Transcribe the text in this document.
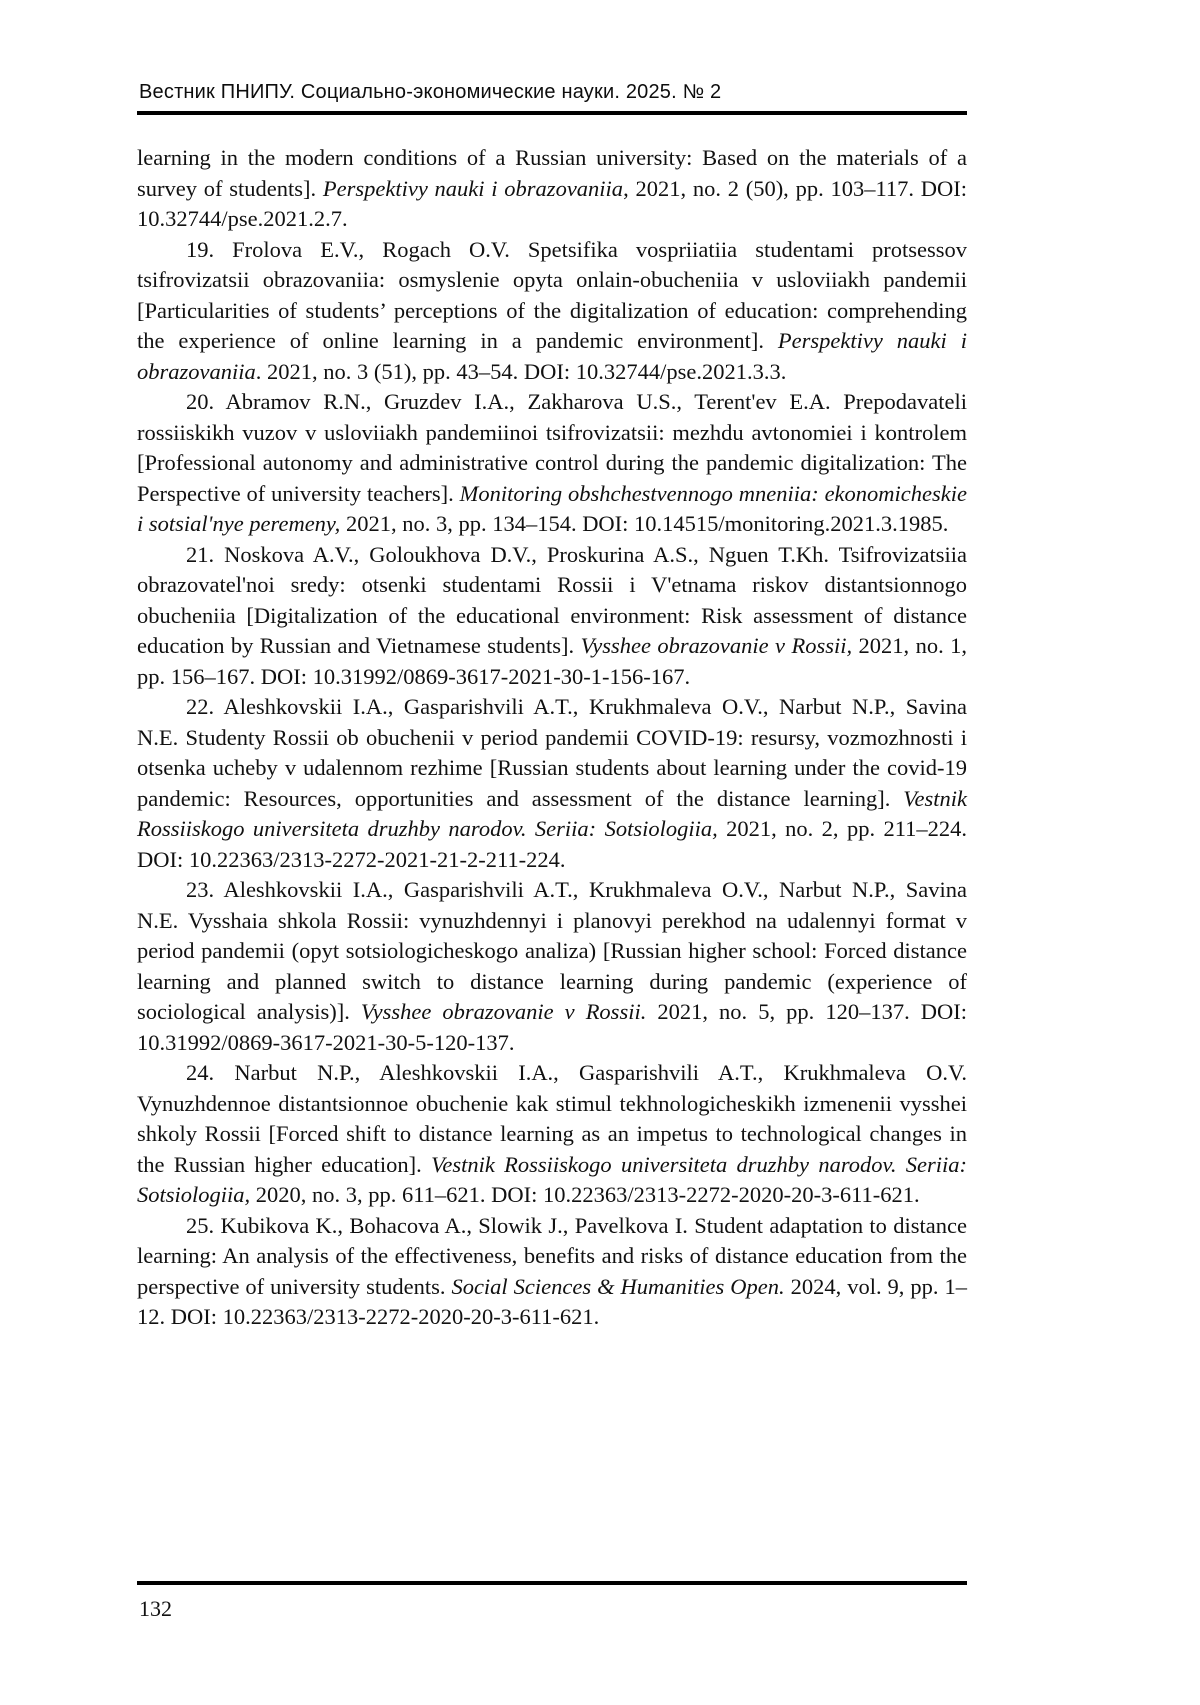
Вестник ПНИПУ. Социально-экономические науки. 2025. № 2

learning in the modern conditions of a Russian university: Based on the materials of a survey of students]. Perspektivy nauki i obrazovaniia, 2021, no. 2 (50), pp. 103–117. DOI: 10.32744/pse.2021.2.7.

19. Frolova E.V., Rogach O.V. Spetsifika vospriiatiia studentami protsessov tsifrovizatsii obrazovaniia: osmyslenie opyta onlain-obucheniia v usloviiakh pandemii [Particularities of students’ perceptions of the digitalization of education: comprehending the experience of online learning in a pandemic environment]. Perspektivy nauki i obrazovaniia. 2021, no. 3 (51), pp. 43–54. DOI: 10.32744/pse.2021.3.3.

20. Abramov R.N., Gruzdev I.A., Zakharova U.S., Terent'ev E.A. Prepodavateli rossiiskikh vuzov v usloviiakh pandemiinoi tsifrovizatsii: mezhdu avtonomiei i kontrolem [Professional autonomy and administrative control during the pandemic digitalization: The Perspective of university teachers]. Monitoring obshchestvennogo mneniia: ekonomicheskie i sotsial'nye peremeny, 2021, no. 3, pp. 134–154. DOI: 10.14515/monitoring.2021.3.1985.

21. Noskova A.V., Goloukhova D.V., Proskurina A.S., Nguen T.Kh. Tsifrovizatsiia obrazovatel'noi sredy: otsenki studentami Rossii i V'etnama riskov distantsionnogo obucheniia [Digitalization of the educational environment: Risk assessment of distance education by Russian and Vietnamese students]. Vysshee obrazovanie v Rossii, 2021, no. 1, pp. 156–167. DOI: 10.31992/0869-3617-2021-30-1-156-167.

22. Aleshkovskii I.A., Gasparishvili A.T., Krukhmaleva O.V., Narbut N.P., Savina N.E. Studenty Rossii ob obuchenii v period pandemii COVID-19: resursy, vozmozhnosti i otsenka ucheby v udalennom rezhime [Russian students about learning under the covid-19 pandemic: Resources, opportunities and assessment of the distance learning]. Vestnik Rossiiskogo universiteta druzhby narodov. Seriia: Sotsiologiia, 2021, no. 2, pp. 211–224. DOI: 10.22363/2313-2272-2021-21-2-211-224.

23. Aleshkovskii I.A., Gasparishvili A.T., Krukhmaleva O.V., Narbut N.P., Savina N.E. Vysshaia shkola Rossii: vynuzhdennyi i planovyi perekhod na udalennyi format v period pandemii (opyt sotsiologicheskogo analiza) [Russian higher school: Forced distance learning and planned switch to distance learning during pandemic (experience of sociological analysis)]. Vysshee obrazovanie v Rossii. 2021, no. 5, pp. 120–137. DOI: 10.31992/0869-3617-2021-30-5-120-137.

24. Narbut N.P., Aleshkovskii I.A., Gasparishvili A.T., Krukhmaleva O.V. Vynuzhdennoe distantsionnoe obuchenie kak stimul tekhnologicheskikh izmenenii vysshei shkoly Rossii [Forced shift to distance learning as an impetus to technological changes in the Russian higher education]. Vestnik Rossiiskogo universiteta druzhby narodov. Seriia: Sotsiologiia, 2020, no. 3, pp. 611–621. DOI: 10.22363/2313-2272-2020-20-3-611-621.

25. Kubikova K., Bohacova A., Slowik J., Pavelkova I. Student adaptation to distance learning: An analysis of the effectiveness, benefits and risks of distance education from the perspective of university students. Social Sciences & Humanities Open. 2024, vol. 9, pp. 1–12. DOI: 10.22363/2313-2272-2020-20-3-611-621.

132
